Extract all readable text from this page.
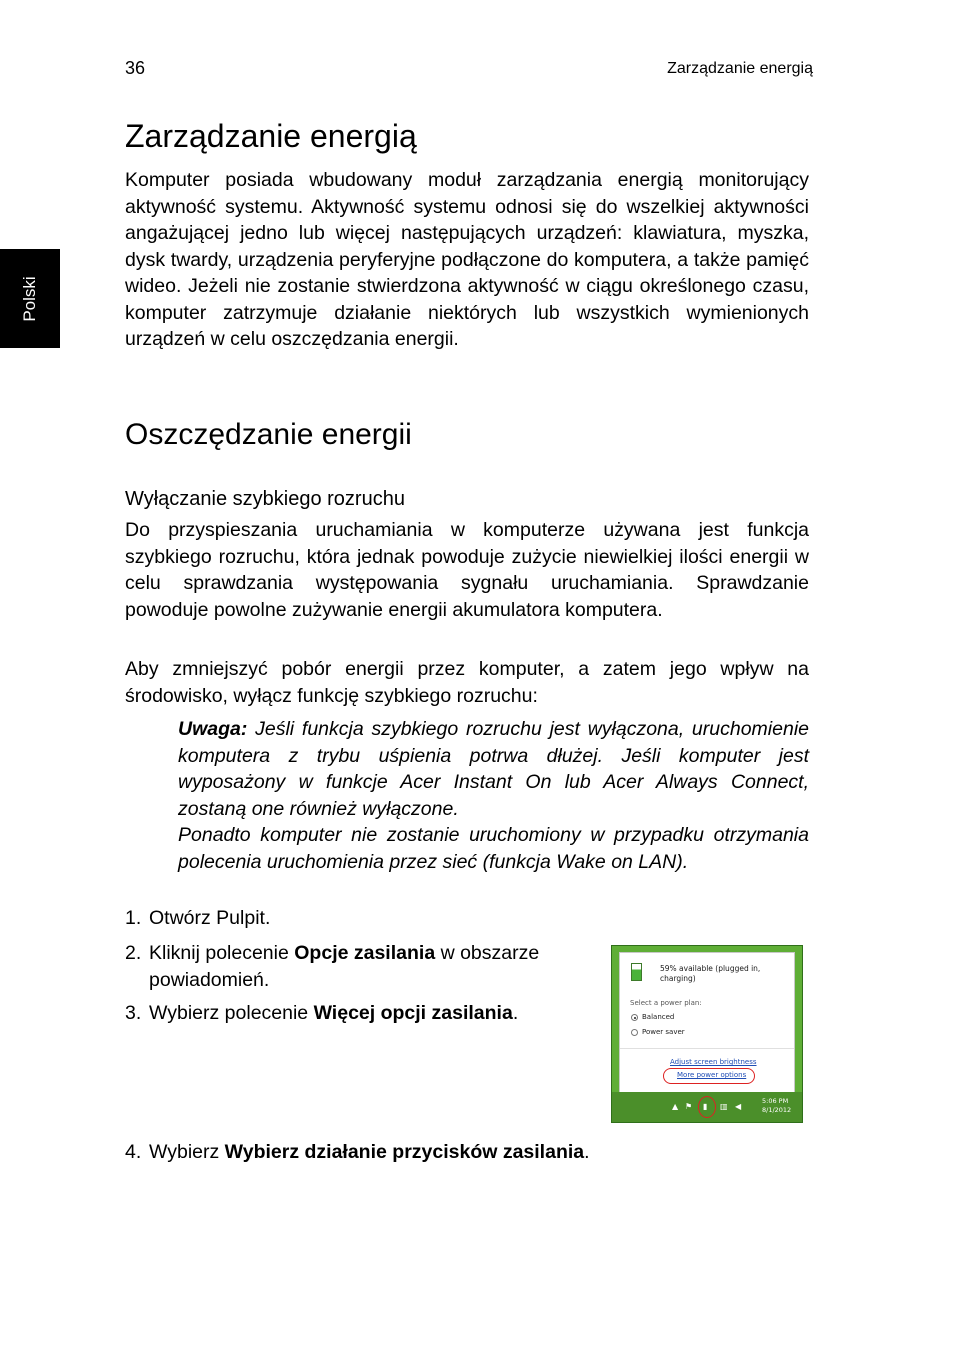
36	Zarządzanie energią
Polski
Zarządzanie energią

Komputer posiada wbudowany moduł zarządzania energią monitorujący aktywność systemu. Aktywność systemu odnosi się do wszelkiej aktywności angażującej jedno lub więcej następujących urządzeń: klawiatura, myszka, dysk twardy, urządzenia peryferyjne podłączone do komputera, a także pamięć wideo. Jeżeli nie zostanie stwierdzona aktywność w ciągu określonego czasu, komputer zatrzymuje działanie niektórych lub wszystkich wymienionych urządzeń w celu oszczędzania energii.

Oszczędzanie energii
Wyłączanie szybkiego rozruchu

Do przyspieszania uruchamiania w komputerze używana jest funkcja szybkiego rozruchu, która jednak powoduje zużycie niewielkiej ilości energii w celu sprawdzania występowania sygnału uruchamiania. Sprawdzanie powoduje powolne zużywanie energii akumulatora komputera.

Aby zmniejszyć pobór energii przez komputer, a zatem jego wpływ na środowisko, wyłącz funkcję szybkiego rozruchu:

Uwaga: Jeśli funkcja szybkiego rozruchu jest wyłączona, uruchomienie komputera z trybu uśpienia potrwa dłużej. Jeśli komputer jest wyposażony w funkcje Acer Instant On lub Acer Always Connect, zostaną one również wyłączone.

Ponadto komputer nie zostanie uruchomiony w przypadku otrzymania polecenia uruchomienia przez sieć (funkcja Wake on LAN).

1. Otwórz Pulpit.
2. Kliknij polecenie Opcje zasilania w obszarze
powiadomień.
3. Wybierz polecenie Więcej opcji zasilania.
59% available (plugged in, charging)
Select a power plan:
Balanced
Power saver
Adjust screen brightness
More power options
▲ ⚑ ▮ ▥ ◀
5:06 PM
8/1/2012
4. Wybierz Wybierz działanie przycisków zasilania.
